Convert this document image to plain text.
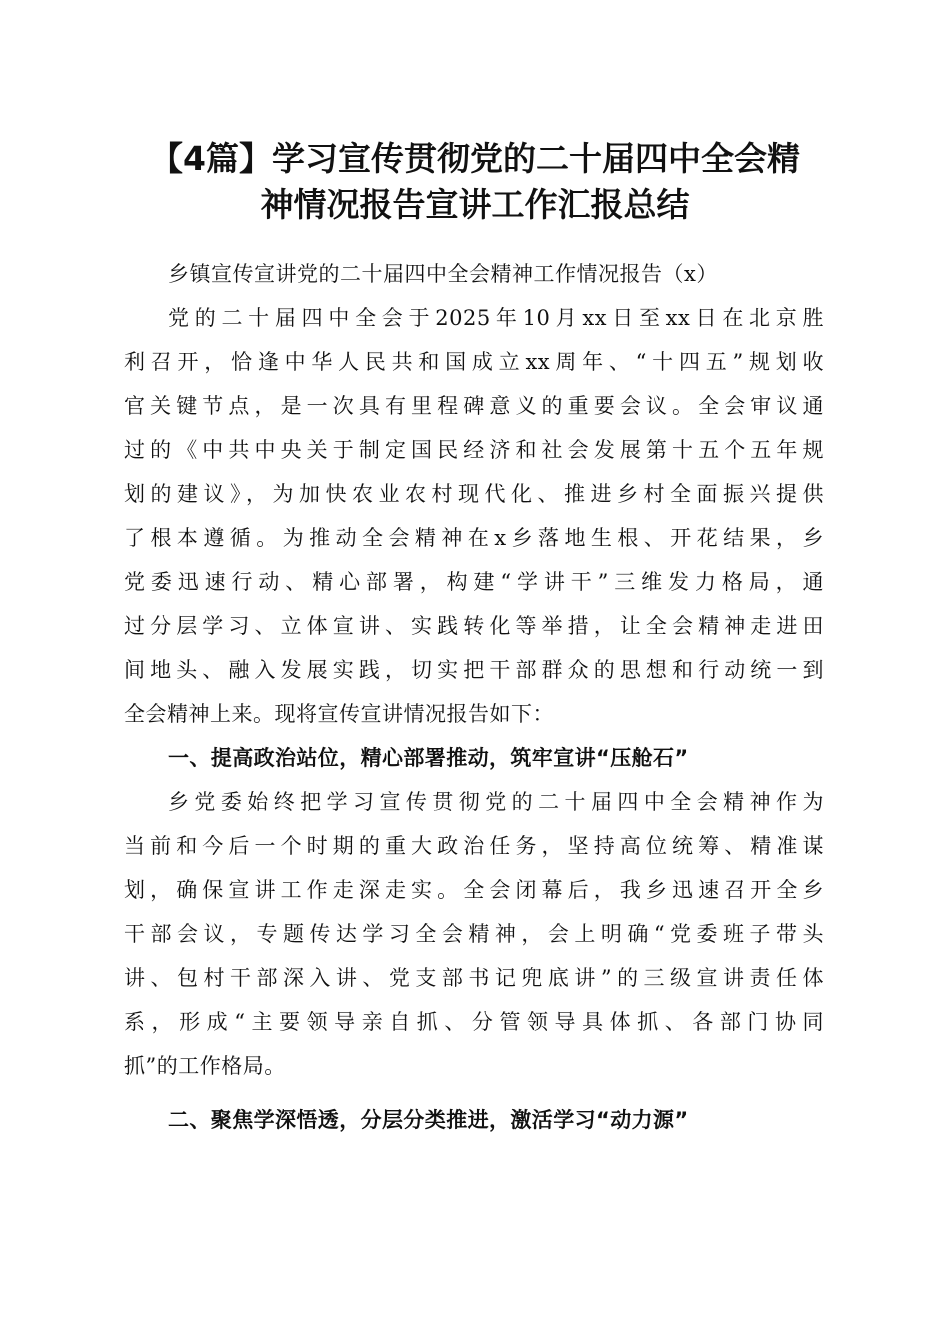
【4篇】学习宣传贯彻党的二十届四中全会精
神情况报告宣讲工作汇报总结

乡镇宣传宣讲党的二十届四中全会精神工作情况报告（x）

党的二十届四中全会于2025年10月xx日至xx日在北京胜
利召开，恰逢中华人民共和国成立xx周年、“十四五”规划收
官关键节点，是一次具有里程碑意义的重要会议。全会审议通
过的《中共中央关于制定国民经济和社会发展第十五个五年规
划的建议》，为加快农业农村现代化、推进乡村全面振兴提供
了根本遵循。为推动全会精神在x乡落地生根、开花结果，乡
党委迅速行动、精心部署，构建“学讲干”三维发力格局，通
过分层学习、立体宣讲、实践转化等举措，让全会精神走进田
间地头、融入发展实践，切实把干部群众的思想和行动统一到
全会精神上来。现将宣传宣讲情况报告如下：

一、提高政治站位，精心部署推动，筑牢宣讲“压舱石”

乡党委始终把学习宣传贯彻党的二十届四中全会精神作为
当前和今后一个时期的重大政治任务，坚持高位统筹、精准谋
划，确保宣讲工作走深走实。全会闭幕后，我乡迅速召开全乡
干部会议，专题传达学习全会精神，会上明确“党委班子带头
讲、包村干部深入讲、党支部书记兜底讲”的三级宣讲责任体
系，形成“主要领导亲自抓、分管领导具体抓、各部门协同
抓”的工作格局。

二、聚焦学深悟透，分层分类推进，激活学习“动力源”
